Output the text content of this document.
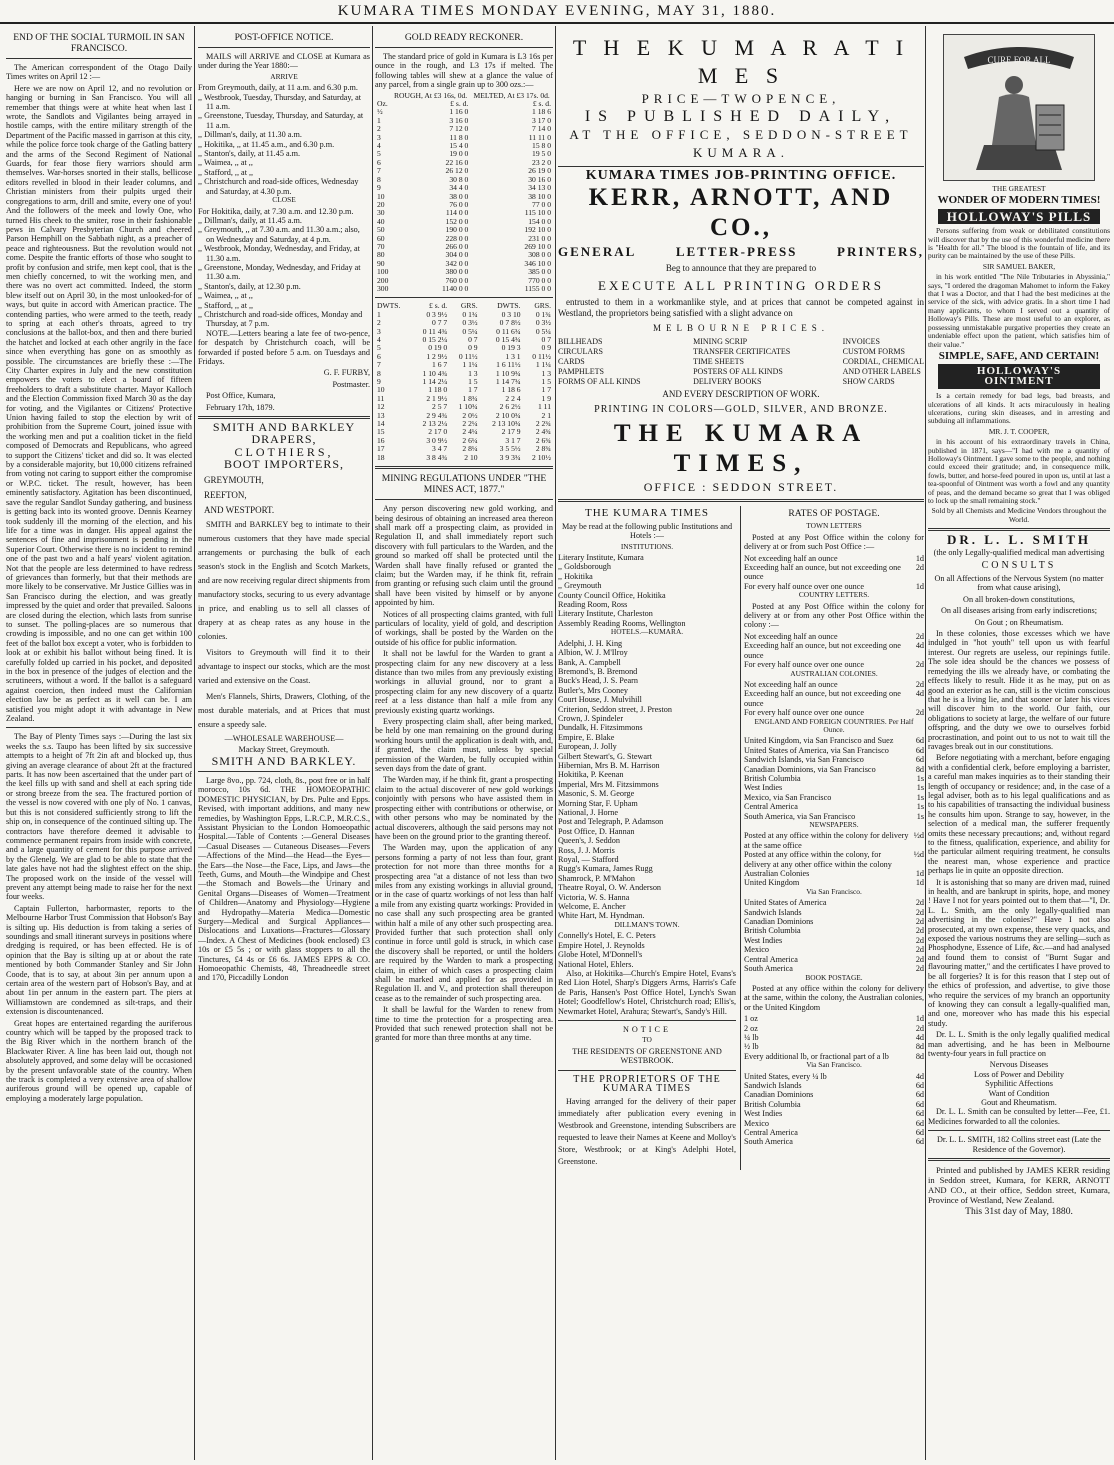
KUMARA TIMES MONDAY EVENING, MAY 31, 1880.
END OF THE SOCIAL TURMOIL IN SAN FRANCISCO.

The American correspondent of the Otago Daily Times writes on April 12 :—

Here we are now on April 12, and no revolution or hanging or burning in San Francisco. You will all remember that things were at white heat when last I wrote, the Sandlots and Vigilantes being arrayed in hostile camps, with the entire military strength of the Department of the Pacific massed in garrison at this city, while the police force took charge of the Gatling battery and the arms of the Second Regiment of National Guards, for fear those fiery warriors should arm themselves. War-horses snorted in their stalls, bellicose editors revelled in blood in their leader columns, and Christian ministers from their pulpits urged their congregations to arm, drill and smite, every one of you! And the followers of the meek and lowly One, who turned His cheek to the smiter, rose in their fashionable pews in Calvary Presbyterian Church and cheered Parson Hemphill on the Sabbath night, as a preacher of peace and righteousness. But the revolution would not come. Despite the frantic efforts of those who sought to profit by confusion and strife, men kept cool, that is the men chiefly concerned, to wit the working men, and there was no overt act committed. Indeed, the storm blew itself out on April 30, in the most unlooked-for of ways, but quite in accord with American practice. The contending parties, who were armed to the teeth, ready to spring at each other's throats, agreed to try conclusions at the ballot-box, and then and there buried the hatchet and locked at each other angrily in the face since when everything has gone on as smoothly as possible. The circumstances are briefly these :—The City Charter expires in July and the new constitution empowers the voters to elect a board of fifteen freeholders to draft a substitute charter. Mayor Kalloch and the Election Commission fixed March 30 as the day for voting, and the Vigilantes or Citizens' Protective Union having failed to stop the election by writ of prohibition from the Supreme Court, joined issue with the working men and put a coalition ticket in the field composed of Democrats and Republicans, who agreed to support the Citizens' ticket and did so. It was elected by a considerable majority, but 10,000 citizens refrained from voting not caring to support either the compromise or W.P.C. ticket. The result, however, has been eminently satisfactory. Agitation has been discontinued, save the regular Sandlot Sunday gathering, and business is getting back into its wonted groove. Dennis Kearney took suddenly ill the morning of the election, and his life for a time was in danger. His appeal against the sentences of fine and imprisonment is pending in the Superior Court. Otherwise there is no incident to remind one of the past two and a half years' violent agitation. Not that the people are less determined to have redress of grievances than formerly, but that their methods are more likely to be conservative. Mr Justice Gillies was in San Francisco during the election, and was greatly impressed by the quiet and order that prevailed. Saloons are closed during the election, which lasts from sunrise to sunset. The polling-places are so numerous that crowding is impossible, and no one can get within 100 feet of the ballot box except a voter, who is forbidden to look at or exhibit his ballot without being fined. It is carefully folded up carried in his pocket, and deposited in the box in presence of the judges of election and the scrutineers, without a word. If the ballot is a safeguard against coercion, then indeed must the Californian election law be as perfect as it well can be. I am satisfied you might adopt it with advantage in New Zealand.

The Bay of Plenty Times says :—During the last six weeks the s.s. Taupo has been lifted by six successive attempts to a height of 7ft 2in aft and blocked up, thus giving an average clearance of about 2ft at the fractured parts. It has now been ascertained that the under part of the keel fills up with sand and shell at each spring tide or strong breeze from the sea. The fractured portion of the vessel is now covered with one ply of No. 1 canvas, but this is not considered sufficiently strong to lift the ship on, in consequence of the continued silting up. The contractors have therefore deemed it advisable to commence permanent repairs from inside with concrete, and a large quantity of cement for this purpose arrived by the Glenelg. We are glad to be able to state that the late gales have not had the slightest effect on the ship. The proposed work on the inside of the vessel will prevent any attempt being made to raise her for the next four weeks.

Captain Fullerton, harbormaster, reports to the Melbourne Harbor Trust Commission that Hobson's Bay is silting up. His deduction is from taking a series of soundings and small itinerant surveys in positions where dredging is required, or has been effected. He is of opinion that the Bay is silting up at or about the rate mentioned by both Commander Stanley and Sir John Coode, that is to say, at about 3in per annum upon a certain area of the western part of Hobson's Bay, and at about 1in per annum in the eastern part. The piers at Williamstown are condemned as silt-traps, and their extension is discountenanced.

Great hopes are entertained regarding the auriferous country which will be tapped by the proposed track to the Big River which in the northern branch of the Blackwater River. A line has been laid out, though not absolutely approved, and some delay will be occasioned by the present unfavorable state of the country. When the track is completed a very extensive area of shallow auriferous ground will be opened up, capable of employing a moderately large population.

POST-OFFICE NOTICE.

MAILS will ARRIVE and CLOSE at Kumara as under during the Year 1880:—

ARRIVE

From Greymouth, daily, at 11 a.m. and 6.30 p.m.
,, Westbrook, Tuesday, Thursday, and Saturday, at 11 a.m.
,, Greenstone, Tuesday, Thursday, and Saturday, at 11 a.m.
,, Dillman's, daily, at 11.30 a.m.
,, Hokitika, ,, at 11.45 a.m., and 6.30 p.m.
,, Stanton's, daily, at 11.45 a.m.
,, Waimea, ,, at ,,
,, Stafford, ,, at ,,
,, Christchurch and road-side offices, Wednesday and Saturday, at 4.30 p.m.

CLOSE

For Hokitika, daily, at 7.30 a.m. and 12.30 p.m.
,, Dillman's, daily, at 11.45 a.m.
,, Greymouth, ,, at 7.30 a.m. and 11.30 a.m.; also, on Wednesday and Saturday, at 4 p.m.
,, Westbrook, Monday, Wednesday, and Friday, at 11.30 a.m.
,, Greenstone, Monday, Wednesday, and Friday at 11.30 a.m.
,, Stanton's, daily, at 12.30 p.m.
,, Waimea, ,, at ,,
,, Stafford, ,, at ,,
,, Christchurch and road-side offices, Monday and Thursday, at 7 p.m.

NOTE.—Letters bearing a late fee of two-pence, for despatch by Christchurch coach, will be forwarded if posted before 5 a.m. on Tuesdays and Fridays.

G. F. FURBY,

Postmaster.

Post Office, Kumara,

February 17th, 1879.

SMITH AND BARKLEY
DRAPERS,
CLOTHIERS,
BOOT IMPORTERS,
GREYMOUTH,
REEFTON,
AND WESTPORT.

SMITH and BARKLEY beg to intimate to their numerous customers that they have made special arrangements or purchasing the bulk of each season's stock in the English and Scotch Markets, and are now receiving regular direct shipments from manufactory stocks, securing to us every advantage in price, and enabling us to sell all classes of drapery at as cheap rates as any house in the colonies.

Visitors to Greymouth will find it to their advantage to inspect our stocks, which are the most varied and extensive on the Coast.

Men's Flannels, Shirts, Drawers, Clothing, of the most durable materials, and at Prices that must ensure a speedy sale.

—WHOLESALE WAREHOUSE—

Mackay Street, Greymouth.

SMITH AND BARKLEY.

Large 8vo., pp. 724, cloth, 8s., post free or in half morocco, 10s 6d. THE HOMOEOPATHIC DOMESTIC PHYSICIAN, by Drs. Pulte and Epps. Revised, with important additions, and many new remedies, by Washington Epps, L.R.C.P., M.R.C.S., Assistant Physician to the London Homoeopathic Hospital.—Table of Contents :—General Diseases—Casual Diseases — Cutaneous Diseases—Fevers—Affections of the Mind—the Head—the Eyes—the Ears—the Nose—the Face, Lips, and Jaws—the Teeth, Gums, and Mouth—the Windpipe and Chest—the Stomach and Bowels—the Urinary and Genital Organs—Diseases of Women—Treatment of Children—Anatomy and Physiology—Hygiene and Hydropathy—Materia Medica—Domestic Surgery—Medical and Surgical Appliances—Dislocations and Luxations—Fractures—Glossary—Index. A Chest of Medicines (book enclosed) £3 10s or £5 5s ; or with glass stoppers to all the Tinctures, £4 4s or £6 6s. JAMES EPPS & CO. Homoeopathic Chemists, 48, Threadneedle street and 170, Piccadilly London

GOLD READY RECKONER.

The standard price of gold in Kumara is L3 16s per ounce in the rough, and L3 17s if melted. The following tables will shew at a glance the value of any parcel, from a single grain up to 300 ozs.:—

	ROUGH, At £3 16s, 0d.	MELTED, At £3 17s. 0d.
Oz.	£ s. d.	£ s. d.
½	1 16 0	1 18 6
1	3 16 0	3 17 0
2	7 12 0	7 14 0
3	11 8 0	11 11 0
4	15 4 0	15 8 0
5	19 0 0	19 5 0
6	22 16 0	23 2 0
7	26 12 0	26 19 0
8	30 8 0	30 16 0
9	34 4 0	34 13 0
10	38 0 0	38 10 0
20	76 0 0	77 0 0
30	114 0 0	115 10 0
40	152 0 0	154 0 0
50	190 0 0	192 10 0
60	228 0 0	231 0 0
70	266 0 0	269 10 0
80	304 0 0	308 0 0
90	342 0 0	346 10 0
100	380 0 0	385 0 0
200	760 0 0	770 0 0
300	1140 0 0	1155 0 0
DWTS.	£ s. d.	GRS.	DWTS.	GRS.
1	0 3 9½	0 1¾	0 3 10	0 1¾
2	0 7 7	0 3½	0 7 8½	0 3½
3	0 11 4¾	0 5¼	0 11 6¾	0 5¼
4	0 15 2¼	0 7	0 15 4¾	0 7
5	0 19 0	0 9	0 19 3	0 9
6	1 2 9½	0 11½	1 3 1	0 11½
7	1 6 7	1 1¼	1 6 11½	1 1¼
8	1 10 4¾	1 3	1 10 9¾	1 3
9	1 14 2¼	1 5	1 14 7¾	1 5
10	1 18 0	1 7	1 18 6	1 7
11	2 1 9½	1 8¾	2 2 4	1 9
12	2 5 7	1 10¾	2 6 2½	1 11
13	2 9 4¾	2 0½	2 10 0¾	2 1
14	2 13 2¼	2 2¼	2 13 10¾	2 2¾
15	2 17 0	2 4¼	2 17 9	2 4¾
16	3 0 9½	2 6¼	3 1 7	2 6¾
17	3 4 7	2 8¼	3 5 5½	2 8¾
18	3 8 4¾	2 10	3 9 3¾	2 10½
MINING REGULATIONS UNDER "THE MINES ACT, 1877."

Any person discovering new gold working, and being desirous of obtaining an increased area thereon shall mark off a prospecting claim, as provided in Regulation II, and shall immediately report such discovery with full particulars to the Warden, and the ground so marked off shall be protected until the Warden shall have finally refused or granted the claim; but the Warden may, if he think fit, refrain from granting or refusing such claim until the ground shall have been visited by himself or by anyone appointed by him.

Notices of all prospecting claims granted, with full particulars of locality, yield of gold, and description of workings, shall be posted by the Warden on the outside of his office for public information.

It shall not be lawful for the Warden to grant a prospecting claim for any new discovery at a less distance than two miles from any previously existing workings in alluvial ground, nor to grant a prospecting claim for any new discovery of a quartz reef at a less distance than half a mile from any previously existing quartz workings.

Every prospecting claim shall, after being marked, be held by one man remaining on the ground during working hours until the application is dealt with, and, if granted, the claim must, unless by special permission of the Warden, be fully occupied within seven days from the date of grant.

The Warden may, if he think fit, grant a prospecting claim to the actual discoverer of new gold workings conjointly with persons who have assisted them in prospecting either with contributions or otherwise, or with other persons who may be nominated by the actual discoverers, although the said persons may not have been on the ground prior to the granting thereof.

The Warden may, upon the application of any persons forming a party of not less than four, grant protection for not more than three months for a prospecting area "at a distance of not less than two miles from any existing workings in alluvial ground, or in the case of quartz workings of not less than half a mile from any existing quartz workings: Provided in no case shall any such prospecting area be granted within half a mile of any other such prospecting area. Provided further that such protection shall only continue in force until gold is struck, in which case the discovery shall be reported, or until the holders are required by the Warden to mark a prospecting claim, in either of which cases a prospecting claim shall be marked and applied for as provided in Regulation II. and V., and protection shall thereupon cease as to the remainder of such prospecting area.

It shall be lawful for the Warden to renew from time to time the protection for a prospecting area. Provided that such renewed protection shall not be granted for more than three months at any time.

T H E K U M A R A T I M E S
PRICE—TWOPENCE,
IS PUBLISHED DAILY,
AT THE OFFICE, SEDDON-STREET
KUMARA.
KUMARA TIMES JOB-PRINTING OFFICE.
KERR, ARNOTT, AND CO.,
GENERAL	LETTER-PRESS	PRINTERS,

Beg to announce that they are prepared to

EXECUTE ALL PRINTING ORDERS

entrusted to them in a workmanlike style, and at prices that cannot be competed against in Westland, the proprietors being satisfied with a slight advance on

MELBOURNE PRICES.

BILLHEADS
CIRCULARS
CARDS
PAMPHLETS
FORMS OF ALL KINDS
MINING SCRIP
TRANSFER CERTIFICATES
TIME SHEETS
POSTERS OF ALL KINDS
DELIVERY BOOKS
INVOICES
CUSTOM FORMS
CORDIAL, CHEMICAL
AND OTHER LABELS
SHOW CARDS

AND EVERY DESCRIPTION OF WORK.

PRINTING IN COLORS—GOLD, SILVER, AND BRONZE.

THE KUMARA TIMES,

OFFICE : SEDDON STREET.

THE KUMARA TIMES

May be read at the following public Institutions and Hotels :—

INSTITUTIONS.

Literary Institute, Kumara
,, Goldsborough
,, Hokitika
,, Greymouth
County Council Office, Hokitika
Reading Room, Ross
Literary Institute, Charleston
Assembly Reading Rooms, Wellington

HOTELS.—KUMARA.

Adelphi, J. H. King
Albion, W. J. M'Ilroy
Bank, A. Campbell
Bremond's, B. Bremond
Buck's Head, J. S. Pearn
Butler's, Mrs Cooney
Court House, J. Mulvihill
Criterion, Seddon street, J. Preston
Crown, J. Spindeler
Dundalk, H. Fitzsimmons
Empire, E. Blake
European, J. Jolly
Gilbert Stewart's, G. Stewart
Hibernian, Mrs B. M. Harrison
Hokitika, P. Keenan
Imperial, Mrs M. Fitzsimmons
Masonic, S. M. George
Morning Star, F. Upham
National, J. Horne
Post and Telegraph, P. Adamson
Post Office, D. Hannan
Queen's, J. Seddon
Ross, J. J. Morris
Royal, — Stafford
Rugg's Kumara, James Rugg
Shamrock, P. M'Mahon
Theatre Royal, O. W. Anderson
Victoria, W. S. Hanna
Welcome, E. Ancher
White Hart, M. Hyndman.

DILLMAN'S TOWN.

Connelly's Hotel, E. C. Peters
Empire Hotel, J. Reynolds
Globe Hotel, M'Donnell's
National Hotel, Ehlers.

Also, at Hokitika—Church's Empire Hotel, Evans's Red Lion Hotel, Sharp's Diggers Arms, Harris's Cafe de Paris, Hansen's Post Office Hotel, Lynch's Swan Hotel; Goodfellow's Hotel, Christchurch road; Ellis's, Newmarket Hotel, Arahura; Stewart's, Sandy's Hill.

NOTICE

TO

THE RESIDENTS OF GREENSTONE AND WESTBROOK.

THE PROPRIETORS OF THE KUMARA TIMES

Having arranged for the delivery of their paper immediately after publication every evening in Westbrook and Greenstone, intending Subscribers are requested to leave their Names at Keene and Molloy's Store, Westbrook; or at King's Adelphi Hotel, Greenstone.

RATES OF POSTAGE.

TOWN LETTERS

Posted at any Post Office within the colony for delivery at or from such Post Office :—

Not exceeding half an ounce	1d
Exceeding half an ounce, but not exceeding one ounce
2d
For every half ounce over one ounce	1d

COUNTRY LETTERS.

Posted at any Post Office within the colony for delivery at or from any other Post Office within the colony :—

Not exceeding half an ounce	2d
Exceeding half an ounce, but not exceeding one ounce
4d
For every half ounce over one ounce	2d

AUSTRALIAN COLONIES.

Not exceeding half an ounce	2d
Exceeding half an ounce, but not exceeding one ounce
4d
For every half ounce over one ounce	2d

ENGLAND AND FOREIGN COUNTRIES. Per Half Ounce.

United Kingdom, via San Francisco and Suez	6d
United States of America, via San Francisco	6d
Sandwich Islands, via San Francisco	6d
Canadian Dominions, via San Francisco	8d
British Columbia	1s
West Indies	1s
Mexico, via San Francisco	1s
Central America	1s
South America, via San Francisco	1s

NEWSPAPERS.

Posted at any office within the colony for delivery at the same office
½d
Posted at any office within the colony, for delivery at any other office within the colony
½d
Australian Colonies	1d
United Kingdom	1d

Via San Francisco.

United States of America	2d
Sandwich Islands	2d
Canadian Dominions	2d
British Columbia	2d
West Indies	2d
Mexico	2d
Central America	2d
South America	2d

BOOK POSTAGE.

Posted at any office within the colony for delivery at the same, within the colony, the Australian colonies, or the United Kingdom

1 oz	1d
2 oz	2d
¼ lb	4d
½ lb	8d
Every additional lb, or fractional part of a lb	8d

Via San Francisco.

United States, every ¼ lb	4d
Sandwich Islands	6d
Canadian Dominions	6d
British Columbia	6d
West Indies	6d
Mexico	6d
Central America	6d
South America	6d
CURE FOR ALL

THE GREATEST

WONDER OF MODERN TIMES!
HOLLOWAY'S PILLS

Persons suffering from weak or debilitated constitutions will discover that by the use of this wonderful medicine there is "Health for all." The blood is the fountain of life, and its purity can be maintained by the use of these Pills.

SIR SAMUEL BAKER,

in his work entitled "The Nile Tributaries in Abyssinia," says, "I ordered the dragoman Mahomet to inform the Fakey that I was a Doctor, and that I had the best medicines at the service of the sick, with advice gratis. In a short time I had many applicants, to whom I served out a quantity of Holloway's Pills. These are most useful to an explorer, as possessing unmistakable purgative properties they create an undeniable effect upon the patient, which satisfies him of their value."

SIMPLE, SAFE, AND CERTAIN!
HOLLOWAY'S OINTMENT

Is a certain remedy for bad legs, bad breasts, and ulcerations of all kinds. It acts miraculously in healing ulcerations, curing skin diseases, and in arresting and subduing all inflammations.

MR. J. T. COOPER,

in his account of his extraordinary travels in China, published in 1871, says—"I had with me a quantity of Holloway's Ointment. I gave some to the people, and nothing could exceed their gratitude; and, in consequence milk, fowls, butter, and horse-feed poured in upon us, until at last a tea-spoonful of Ointment was worth a fowl and any quantity of peas, and the demand became so great that I was obliged to lock up the small remaining stock."

Sold by all Chemists and Medicine Vendors throughout the World.

DR. L. L. SMITH

(the only Legally-qualified medical man advertising

CONSULTS

On all Affections of the Nervous System (no matter from what cause arising),

On all broken-down constitutions,

On all diseases arising from early indiscretions;

On Gout ; on Rheumatism.

In these colonies, those excesses which we have indulged in "hot youth" tell upon us with fearful interest. Our regrets are useless, our repinings futile. The sole idea should be the chances we possess of remedying the ills we already have, or combating the effects likely to result. Hide it as he may, put on as good an exterior as he can, still is the victim conscious that he is a living lie, and that sooner or later his vices will discover him to the world. Our faith, our obligations to society at large, the welfare of our future offspring, and the duty we owe to ourselves forbid procrastination, and point out to us not to wait till the ravages break out in our constitutions.

Before negotiating with a merchant, before engaging with a confidential clerk, before employing a barrister, a careful man makes inquiries as to their standing their length of occupancy or residence; and, in the case of a legal adviser, both as to his legal qualifications and as to his capabilities of transacting the individual business he consults him upon. Strange to say, however, in the selection of a medical man, the sufferer frequently omits these necessary precautions; and, without regard to the fitness, qualification, experience, and ability for the particular ailment requiring treatment, he consults the nearest man, whose experience and practice perhaps lie in quite an opposite direction.

It is astonishing that so many are driven mad, ruined in health, and are bankrupt in spirits, hope, and money ! Have I not for years pointed out to them that—"I, Dr. L. L. Smith, am the only legally-qualified man advertising in the colonies?" Have I not also prosecuted, at my own expense, these very quacks, and exposed the various nostrums they are selling—such as Phosphodyne, Essence of Life, &c.—and had analysed and found them to consist of "Burnt Sugar and flavouring matter," and the certificates I have proved to be all forgeries? It is for this reason that I step out of the ethics of profession, and advertise, to give those who require the services of my branch an opportunity of knowing they can consult a legally-qualified man, and one, moreover who has made this his especial study.

Dr. L. L. Smith is the only legally qualified medical man advertising, and he has been in Melbourne twenty-four years in full practice on

Nervous Diseases
Loss of Power and Debility
Syphilitic Affections
Want of Condition
Gout and Rheumatism.

Dr. L. L. Smith can be consulted by letter—Fee, £1. Medicines forwarded to all the colonies.

Dr. L. L. SMITH, 182 Collins street east (Late the Residence of the Governor).

Printed and published by JAMES KERR residing in Seddon street, Kumara, for KERR, ARNOTT AND CO., at their office, Seddon street, Kumara, Province of Westland, New Zealand.

This 31st day of May, 1880.
